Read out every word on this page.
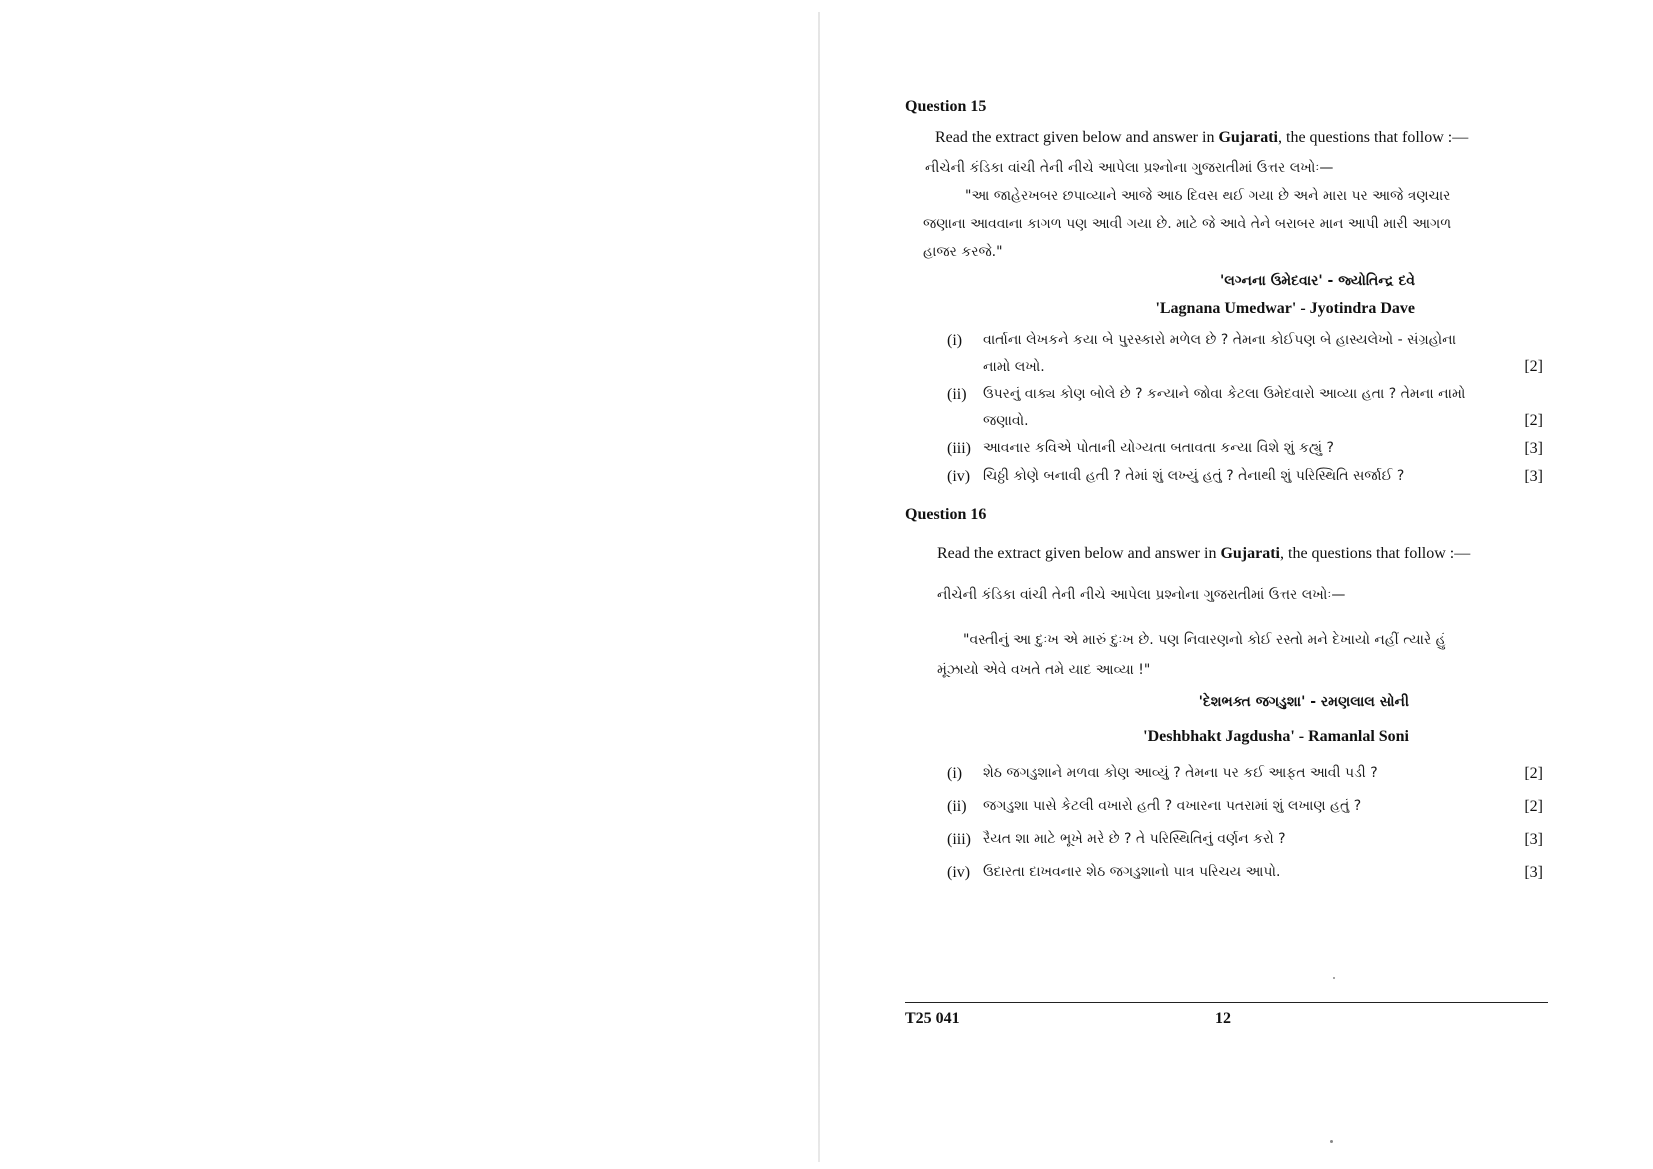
Question 15
Read the extract given below and answer in Gujarati, the questions that follow :—
નીચેની કંડિકા વાંચી તેની નીચે આપેલા પ્રશ્નોના ગુજરાતીમાં ઉત્તર લખોઃ—
"આ જાહેરખબર છપાવ્યાને આજે આઠ દિવસ થઈ ગયા છે અને મારા પર આજે ત્રણચાર
જણાના આવવાના કાગળ પણ આવી ગયા છે. માટે જે આવે તેને બરાબર માન આપી મારી આગળ
હાજર કરજે."
'લગ્નના ઉમેદવાર' - જ્યોતિન્દ્ર દવે
'Lagnana Umedwar' - Jyotindra Dave
(i) વાર્તાના લેખકને કયા બે પુરસ્કારો મળેલ છે ? તેમના કોઈપણ બે હાસ્યલેખો - સંગ્રહોના
નામો લખો.	[2]
(ii) ઉપરનું વાક્ય કોણ બોલે છે ? કન્યાને જોવા કેટલા ઉમેદવારો આવ્યા હતા ? તેમના નામો
જણાવો.	[2]
(iii) આવનાર કવિએ પોતાની યોગ્યતા બતાવતા કન્યા વિશે શું કહ્યું ?	[3]
(iv) ચિઠ્ઠી કોણે બનાવી હતી ? તેમાં શું લખ્યું હતું ? તેનાથી શું પરિસ્થિતિ સર્જાઈ ?	[3]
Question 16
Read the extract given below and answer in Gujarati, the questions that follow :—
નીચેની કંડિકા વાંચી તેની નીચે આપેલા પ્રશ્નોના ગુજરાતીમાં ઉત્તર લખોઃ—
"વસ્તીનું આ દુઃખ એ મારું દુઃખ છે. પણ નિવારણનો કોઈ રસ્તો મને દેખાયો નહીં ત્યારે હું
મૂંઝાયો એવે વખતે તમે યાદ આવ્યા !"
'દેશભક્ત જગડુશા' - રમણલાલ સોની
'Deshbhakt Jagdusha' - Ramanlal Soni
(i) શેઠ જગડુશાને મળવા કોણ આવ્યું ? તેમના પર કઈ આફત આવી પડી ?	[2]
(ii) જગડુશા પાસે કેટલી વખારો હતી ? વખારના પતરામાં શું લખાણ હતું ?	[2]
(iii) રૈયત શા માટે ભૂખે મરે છે ? તે પરિસ્થિતિનું વર્ણન કરો ?	[3]
(iv) ઉદારતા દાખવનાર શેઠ જગડુશાનો પાત્ર પરિચય આપો.	[3]
T25 041	12
